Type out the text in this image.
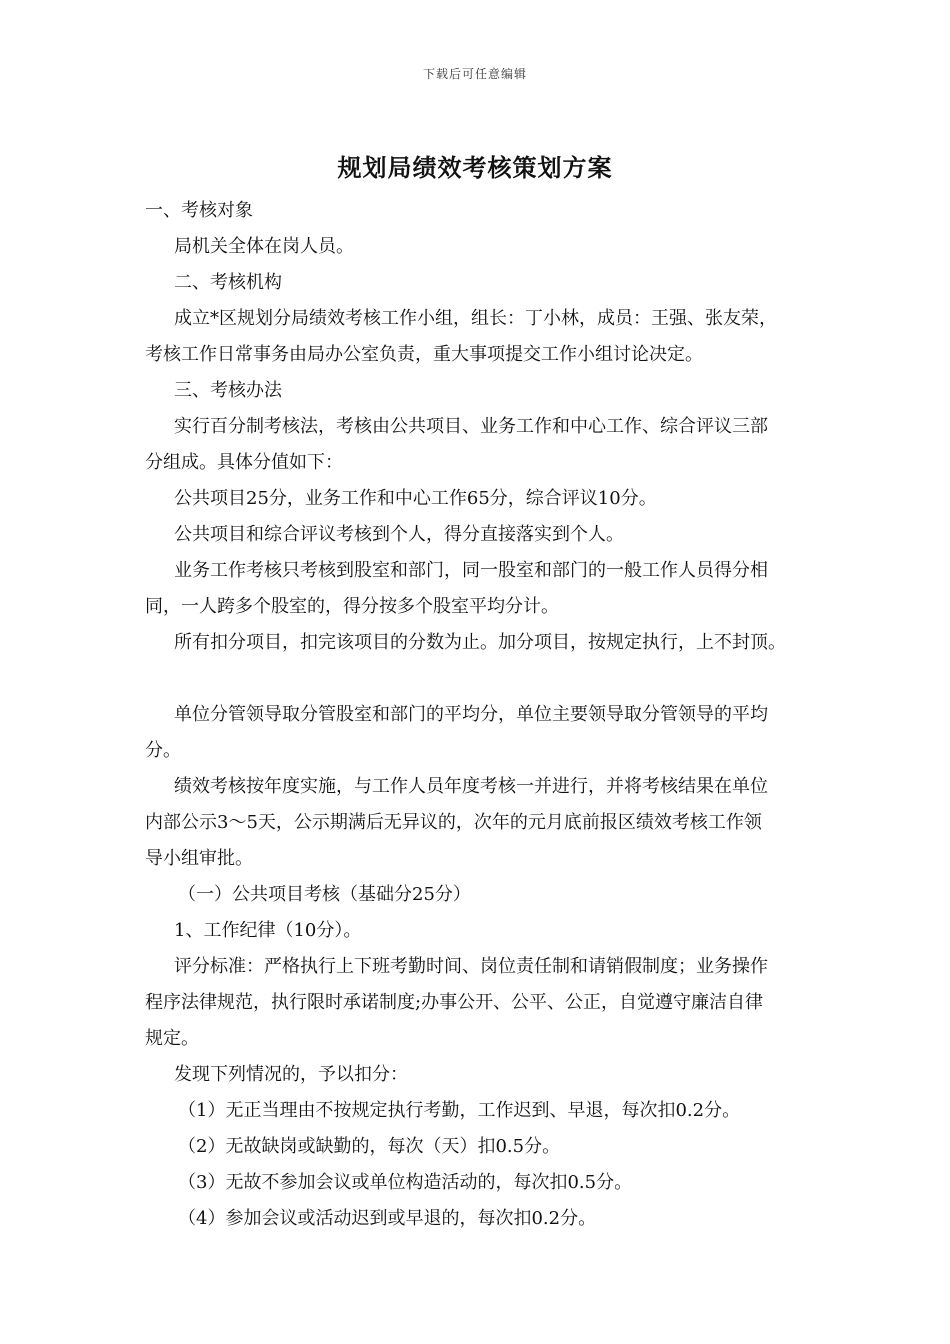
下载后可任意编辑
规划局绩效考核策划方案
一、考核对象
局机关全体在岗人员。
二、考核机构
成立*区规划分局绩效考核工作小组，组长：丁小林，成员：王强、张友荣，
考核工作日常事务由局办公室负责，重大事项提交工作小组讨论决定。
三、考核办法
实行百分制考核法，考核由公共项目、业务工作和中心工作、综合评议三部
分组成。具体分值如下：
公共项目25分，业务工作和中心工作65分，综合评议10分。
公共项目和综合评议考核到个人，得分直接落实到个人。
业务工作考核只考核到股室和部门，同一股室和部门的一般工作人员得分相
同，一人跨多个股室的，得分按多个股室平均分计。
所有扣分项目，扣完该项目的分数为止。加分项目，按规定执行，上不封顶。
单位分管领导取分管股室和部门的平均分，单位主要领导取分管领导的平均
分。
绩效考核按年度实施，与工作人员年度考核一并进行，并将考核结果在单位
内部公示3～5天，公示期满后无异议的，次年的元月底前报区绩效考核工作领
导小组审批。
（一）公共项目考核（基础分25分）
1、工作纪律（10分）。
评分标准：严格执行上下班考勤时间、岗位责任制和请销假制度；业务操作
程序法律规范，执行限时承诺制度;办事公开、公平、公正，自觉遵守廉洁自律
规定。
发现下列情况的，予以扣分：
（1）无正当理由不按规定执行考勤，工作迟到、早退，每次扣0.2分。
（2）无故缺岗或缺勤的，每次（天）扣0.5分。
（3）无故不参加会议或单位构造活动的，每次扣0.5分。
（4）参加会议或活动迟到或早退的，每次扣0.2分。
